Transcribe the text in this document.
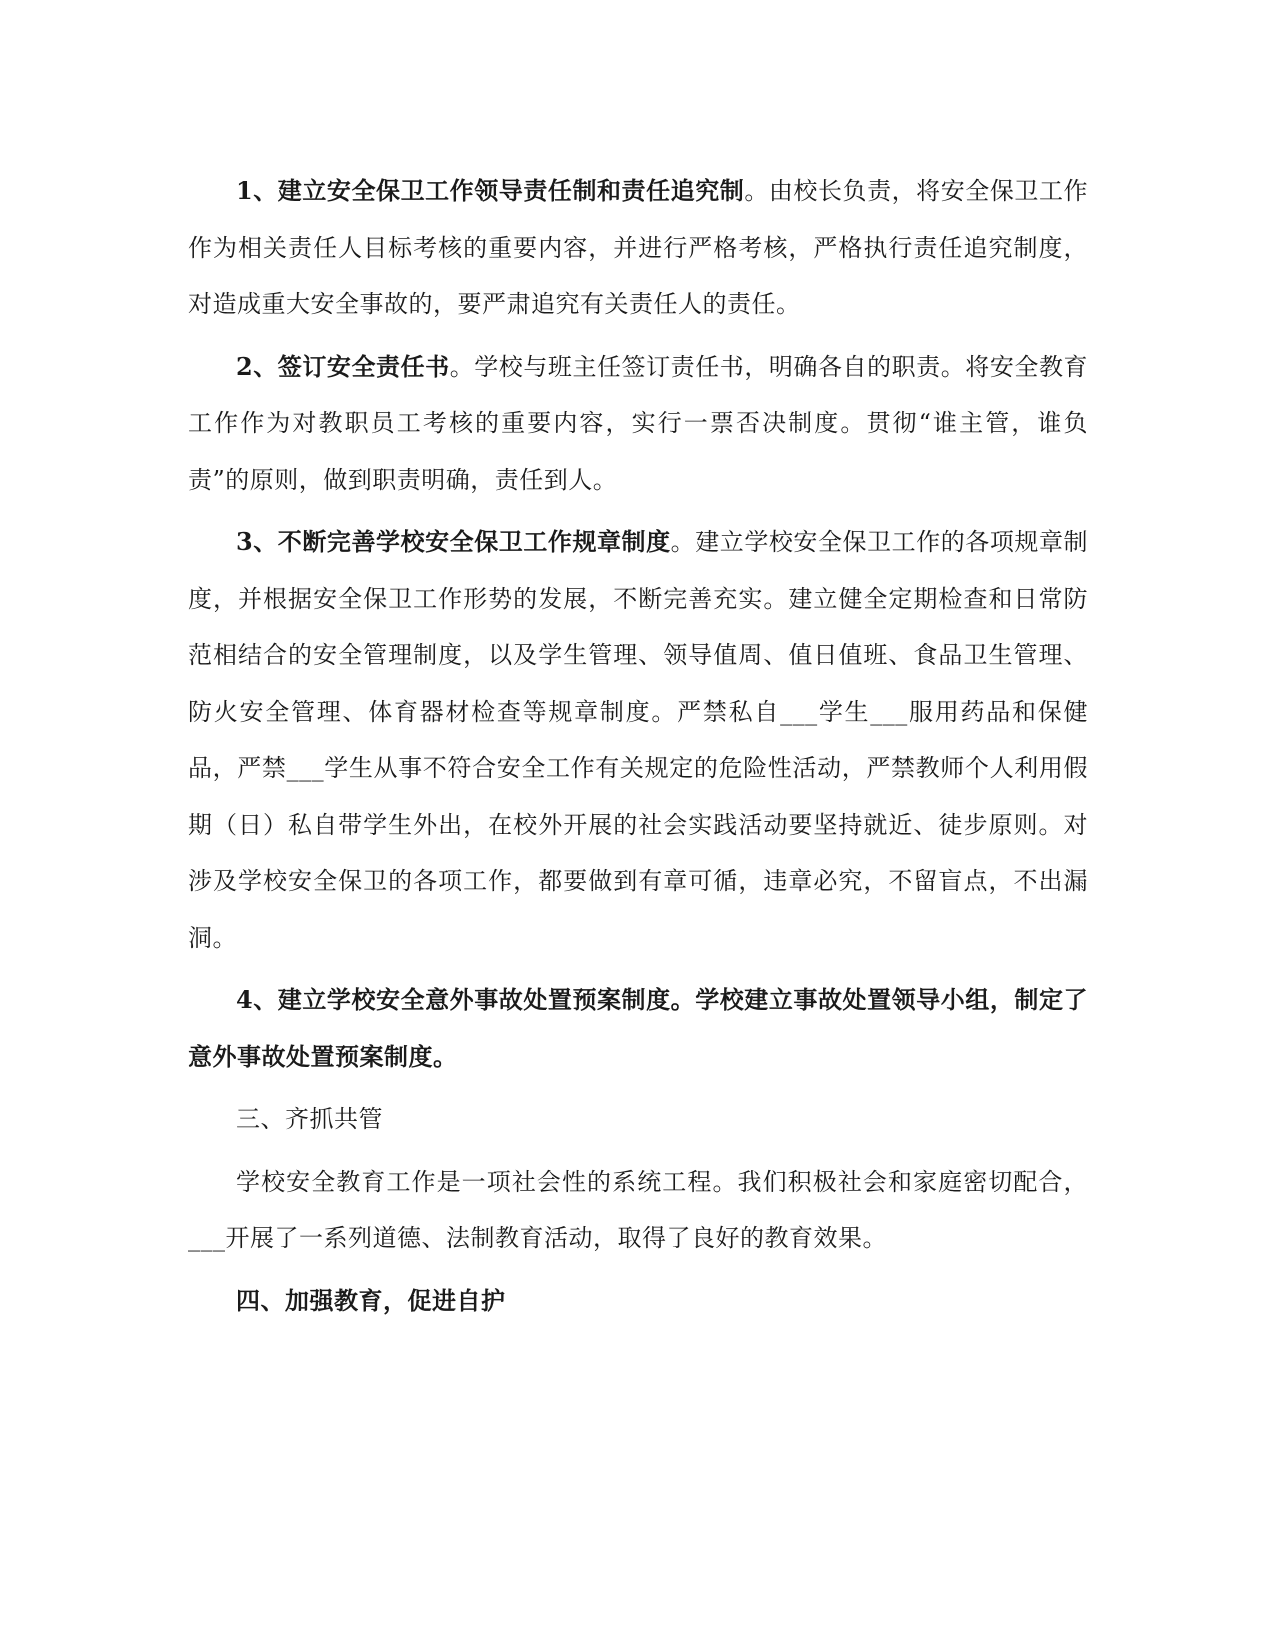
1、建立安全保卫工作领导责任制和责任追究制。由校长负责，将安全保卫工作作为相关责任人目标考核的重要内容，并进行严格考核，严格执行责任追究制度，对造成重大安全事故的，要严肃追究有关责任人的责任。

2、签订安全责任书。学校与班主任签订责任书，明确各自的职责。将安全教育工作作为对教职员工考核的重要内容，实行一票否决制度。贯彻“谁主管，谁负责”的原则，做到职责明确，责任到人。

3、不断完善学校安全保卫工作规章制度。建立学校安全保卫工作的各项规章制度，并根据安全保卫工作形势的发展，不断完善充实。建立健全定期检查和日常防范相结合的安全管理制度，以及学生管理、领导值周、值日值班、食品卫生管理、防火安全管理、体育器材检查等规章制度。严禁私自___学生___服用药品和保健品，严禁___学生从事不符合安全工作有关规定的危险性活动，严禁教师个人利用假期（日）私自带学生外出，在校外开展的社会实践活动要坚持就近、徒步原则。对涉及学校安全保卫的各项工作，都要做到有章可循，违章必究，不留盲点，不出漏洞。

4、建立学校安全意外事故处置预案制度。学校建立事故处置领导小组，制定了意外事故处置预案制度。

三、齐抓共管

学校安全教育工作是一项社会性的系统工程。我们积极社会和家庭密切配合，___开展了一系列道德、法制教育活动，取得了良好的教育效果。

四、加强教育，促进自护
